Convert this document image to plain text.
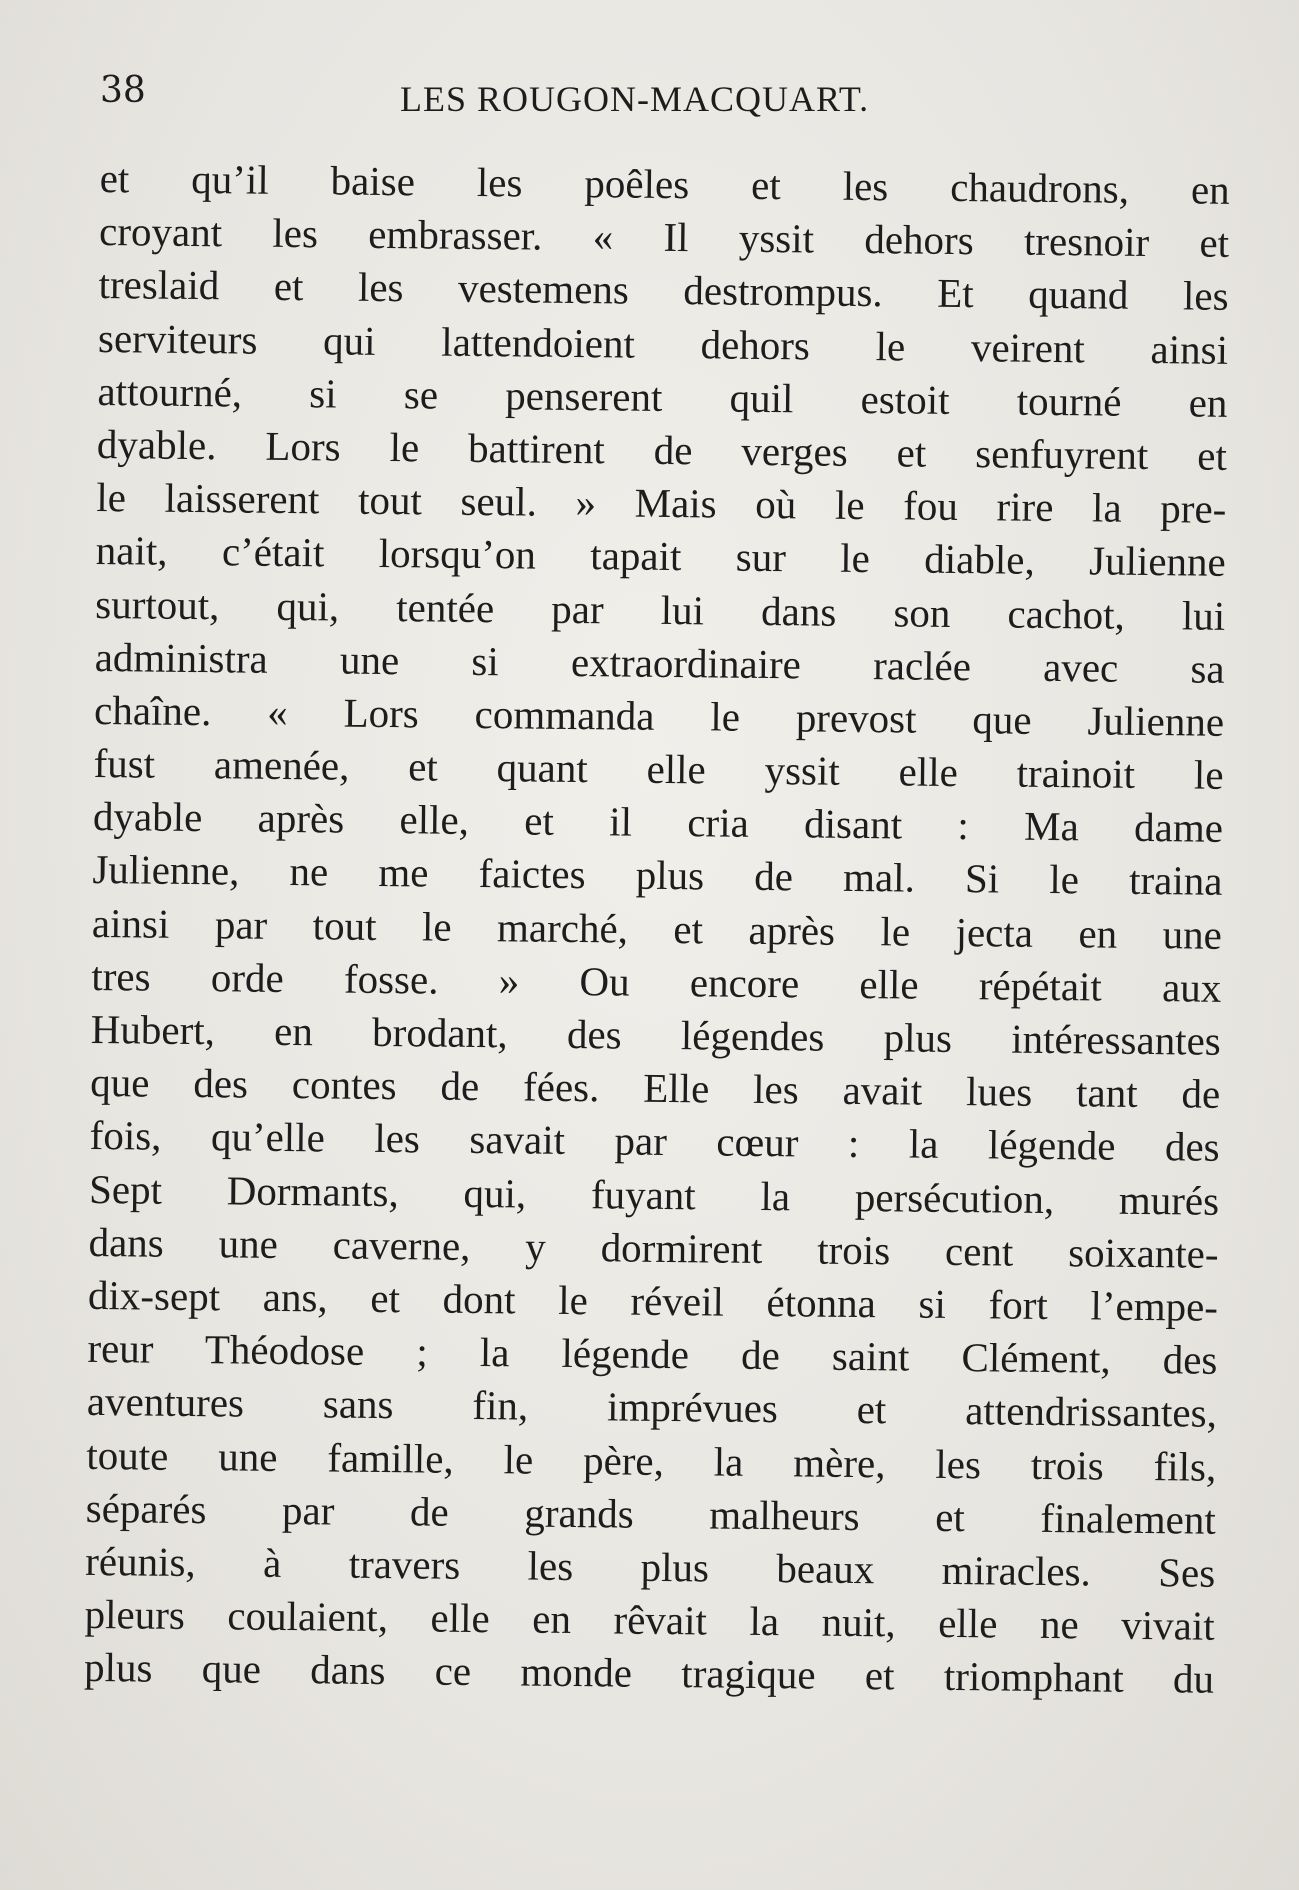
38	LES ROUGON-MACQUART.
et qu’il baise les poêles et les chaudrons, en
croyant les embrasser. « Il yssit dehors tresnoir et
treslaid et les vestemens destrompus. Et quand les
serviteurs qui lattendoient dehors le veirent ainsi
attourné, si se penserent quil estoit tourné en
dyable. Lors le battirent de verges et senfuyrent et
le laisserent tout seul. » Mais où le fou rire la pre-
nait, c’était lorsqu’on tapait sur le diable, Julienne
surtout, qui, tentée par lui dans son cachot, lui
administra une si extraordinaire raclée avec sa
chaîne. « Lors commanda le prevost que Julienne
fust amenée, et quant elle yssit elle trainoit le
dyable après elle, et il cria disant : Ma dame
Julienne, ne me faictes plus de mal. Si le traina
ainsi par tout le marché, et après le jecta en une
tres orde fosse. » Ou encore elle répétait aux
Hubert, en brodant, des légendes plus intéressantes
que des contes de fées. Elle les avait lues tant de
fois, qu’elle les savait par cœur : la légende des
Sept Dormants, qui, fuyant la persécution, murés
dans une caverne, y dormirent trois cent soixante-
dix-sept ans, et dont le réveil étonna si fort l’empe-
reur Théodose ; la légende de saint Clément, des
aventures sans fin, imprévues et attendrissantes,
toute une famille, le père, la mère, les trois fils,
séparés par de grands malheurs et finalement
réunis, à travers les plus beaux miracles. Ses
pleurs coulaient, elle en rêvait la nuit, elle ne vivait
plus que dans ce monde tragique et triomphant du
